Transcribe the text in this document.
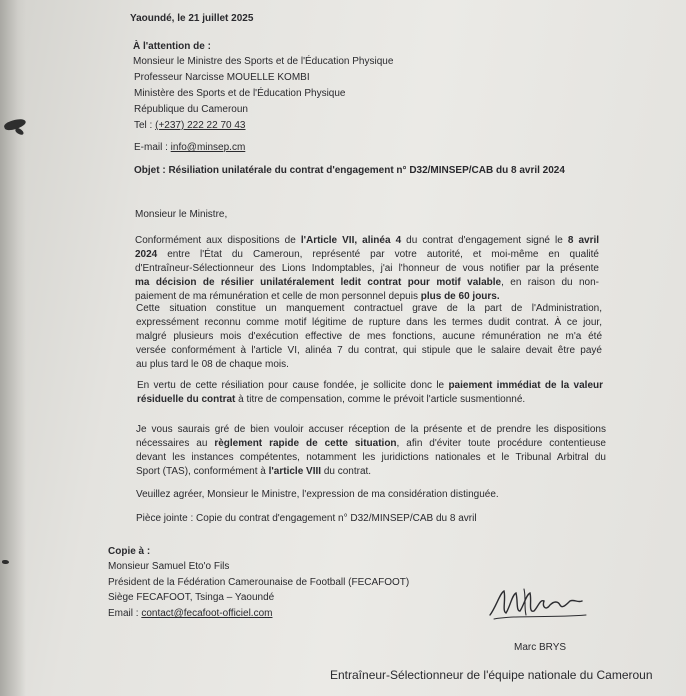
Yaoundé, le 21 juillet 2025
À l'attention de :
Monsieur le Ministre des Sports et de l'Éducation Physique
Professeur Narcisse MOUELLE KOMBI
Ministère des Sports et de l'Éducation Physique
République du Cameroun
Tel : (+237) 222 22 70 43
E-mail : info@minsep.cm
Objet : Résiliation unilatérale du contrat d'engagement n° D32/MINSEP/CAB du 8 avril 2024
Monsieur le Ministre,
Conformément aux dispositions de l'Article VII, alinéa 4 du contrat d'engagement signé le 8 avril
2024 entre l'État du Cameroun, représenté par votre autorité, et moi-même en qualité
d'Entraîneur-Sélectionneur des Lions Indomptables, j'ai l'honneur de vous notifier par la présente
ma décision de résilier unilatéralement ledit contrat pour motif valable, en raison du non-
paiement de ma rémunération et celle de mon personnel depuis plus de 60 jours.
Cette situation constitue un manquement contractuel grave de la part de l'Administration,
expressément reconnu comme motif légitime de rupture dans les termes dudit contrat. À ce jour,
malgré plusieurs mois d'exécution effective de mes fonctions, aucune rémunération ne m'a été
versée conformément à l'article VI, alinéa 7 du contrat, qui stipule que le salaire devait être payé
au plus tard le 08 de chaque mois.
En vertu de cette résiliation pour cause fondée, je sollicite donc le paiement immédiat de la valeur
résiduelle du contrat à titre de compensation, comme le prévoit l'article susmentionné.
Je vous saurais gré de bien vouloir accuser réception de la présente et de prendre les dispositions
nécessaires au règlement rapide de cette situation, afin d'éviter toute procédure contentieuse
devant les instances compétentes, notamment les juridictions nationales et le Tribunal Arbitral du
Sport (TAS), conformément à l'article VIII du contrat.
Veuillez agréer, Monsieur le Ministre, l'expression de ma considération distinguée.
Pièce jointe : Copie du contrat d'engagement n° D32/MINSEP/CAB du 8 avril
Copie à :
Monsieur Samuel Eto'o Fils
Président de la Fédération Camerounaise de Football (FECAFOOT)
Siège FECAFOOT, Tsinga – Yaoundé
Email : contact@fecafoot-officiel.com
Marc BRYS
Entraîneur-Sélectionneur de l'équipe nationale du Cameroun
